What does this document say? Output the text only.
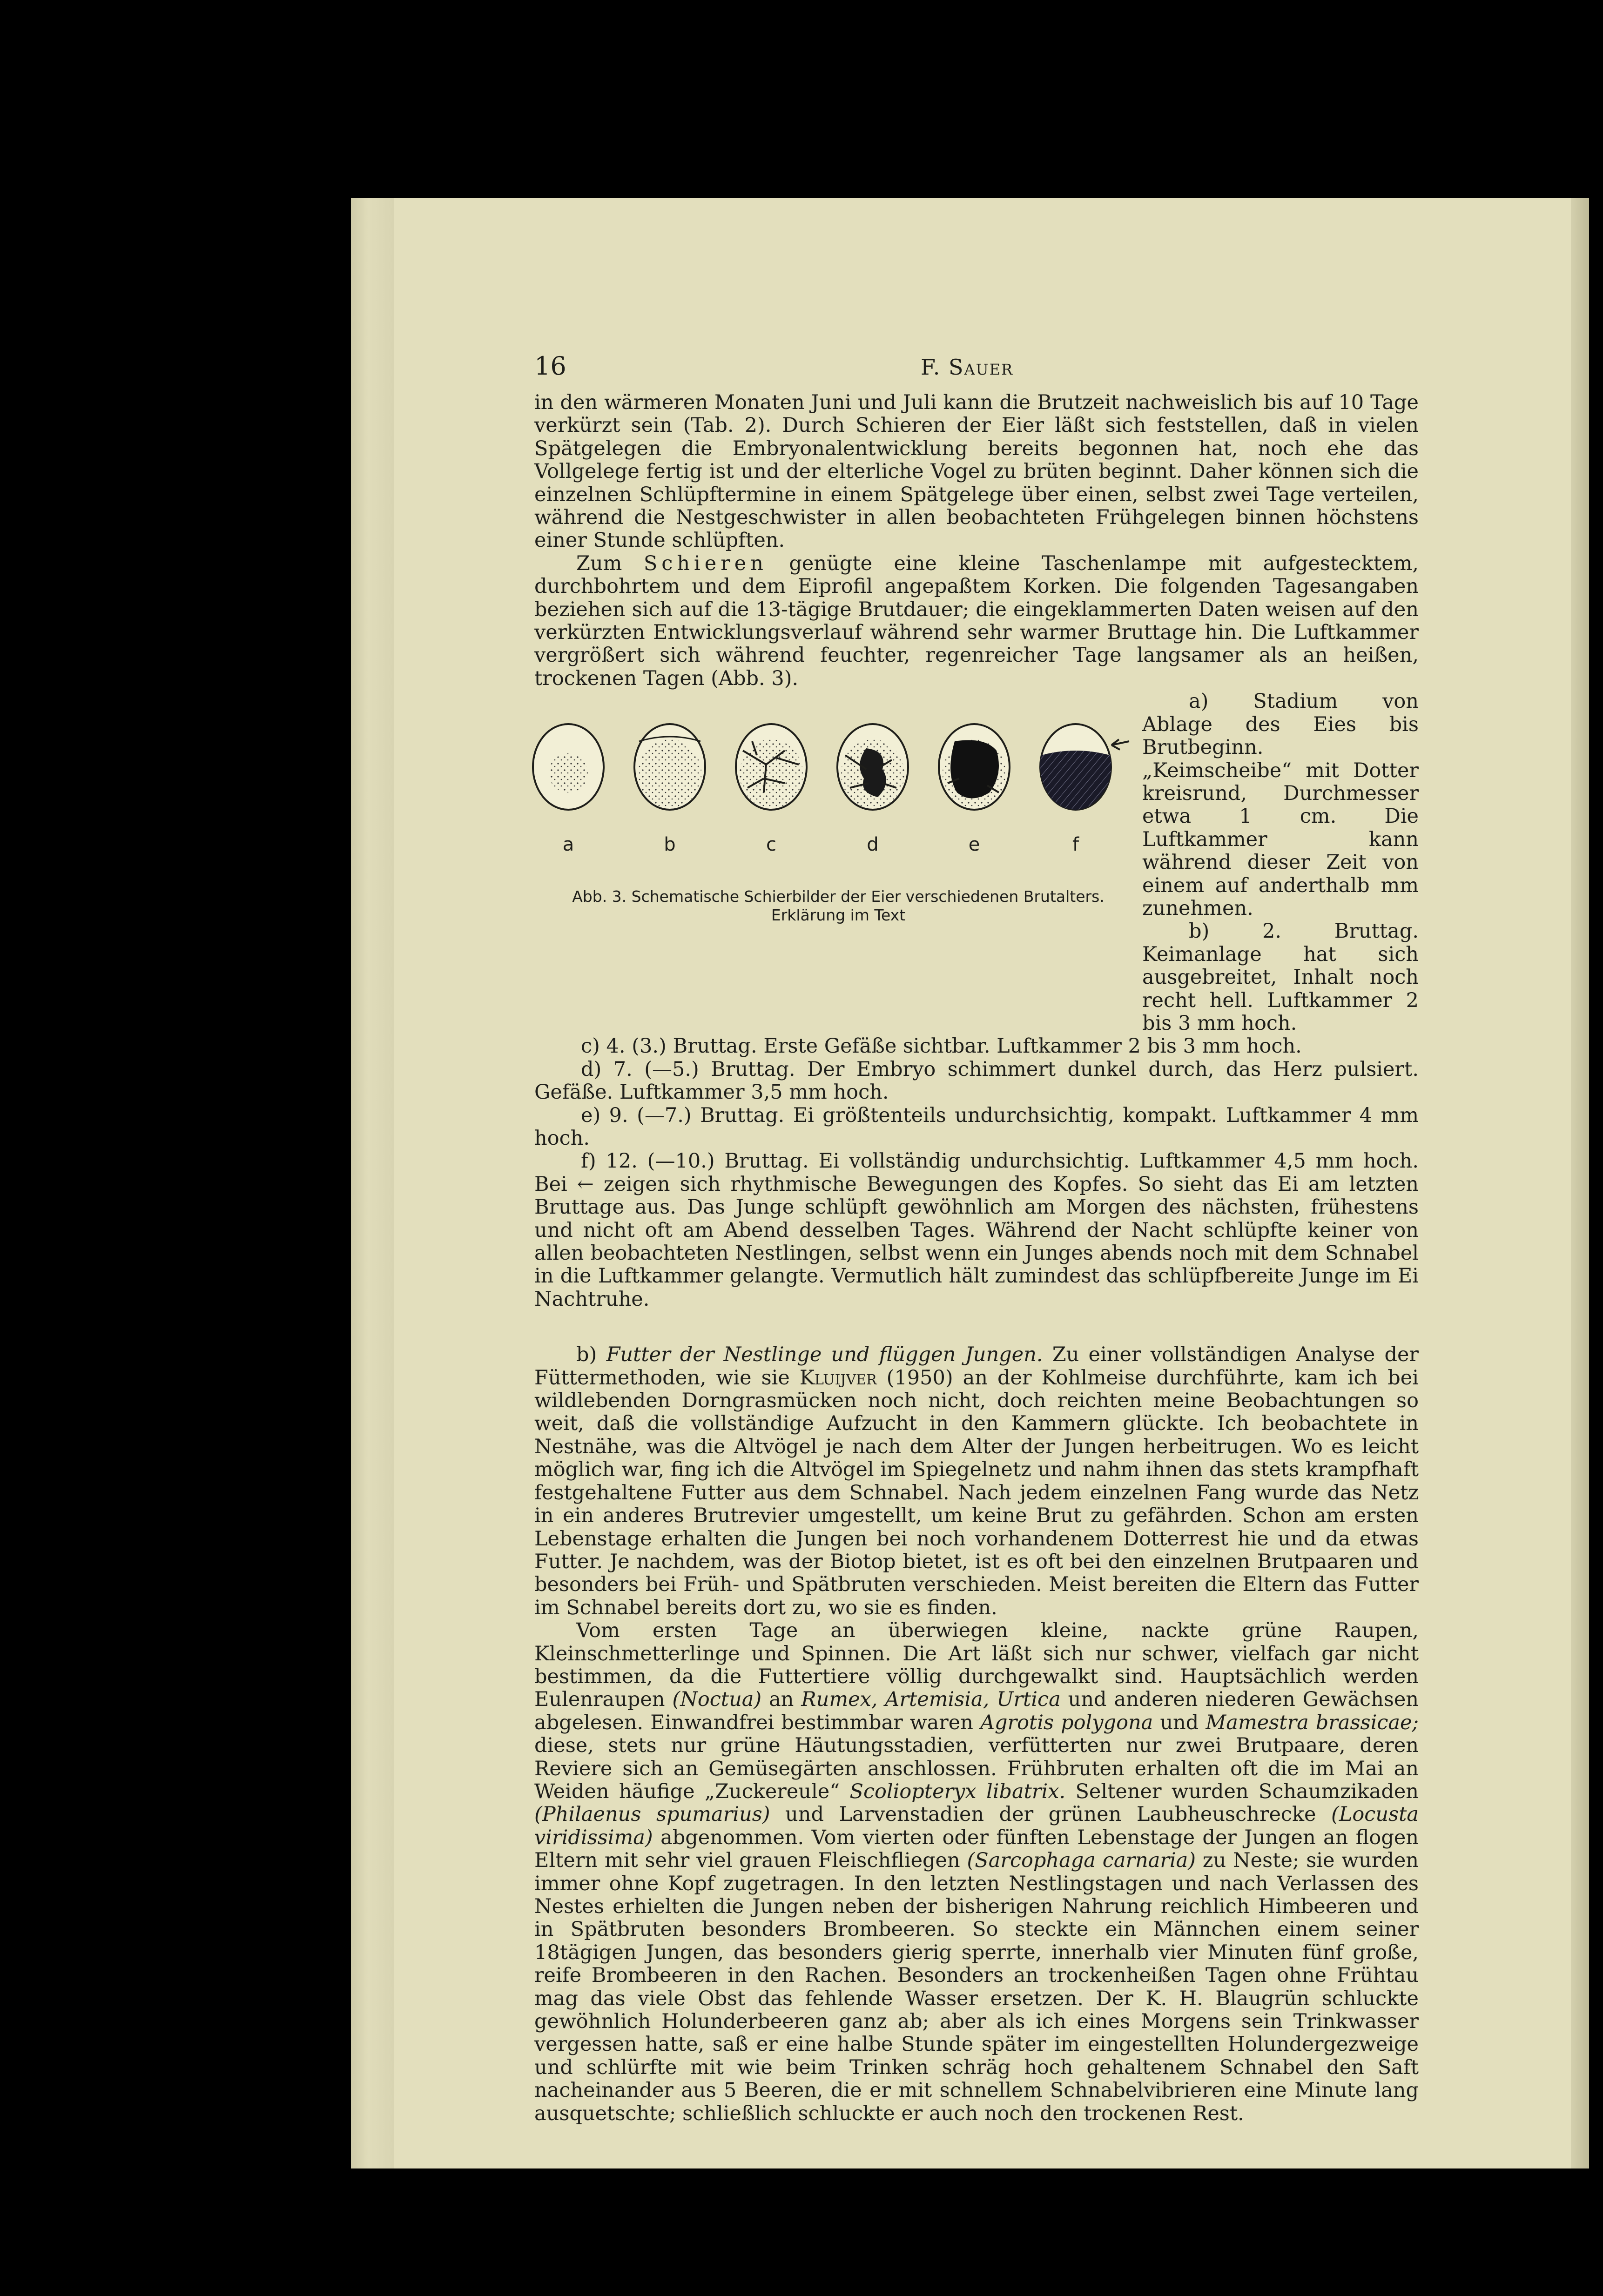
16	F. Sauer

in den wärmeren Monaten Juni und Juli kann die Brutzeit nachweislich bis auf 10 Tage verkürzt sein (Tab. 2). Durch Schieren der Eier läßt sich feststellen, daß in vielen Spätgelegen die Embryonalentwicklung bereits begonnen hat, noch ehe das Vollgelege fertig ist und der elterliche Vogel zu brüten beginnt. Daher können sich die einzelnen Schlüpftermine in einem Spätgelege über einen, selbst zwei Tage verteilen, während die Nestgeschwister in allen beobachteten Frühgelegen binnen höchstens einer Stunde schlüpften.

Zum Schieren genügte eine kleine Taschenlampe mit aufgestecktem, durchbohrtem und dem Eiprofil angepaßtem Korken. Die folgenden Tagesangaben beziehen sich auf die 13-tägige Brutdauer; die eingeklammerten Daten weisen auf den verkürzten Entwicklungsverlauf während sehr warmer Bruttage hin. Die Luftkammer vergrößert sich während feuchter, regenreicher Tage langsamer als an heißen, trockenen Tagen (Abb. 3).

a	b	c	d	e	f
Abb. 3. Schematische Schierbilder der Eier verschiedenen Brutalters.
Erklärung im Text

a) Stadium von Ablage des Eies bis Brutbeginn. „Keimscheibe“ mit Dotter kreisrund, Durchmesser etwa 1 cm. Die Luftkammer kann während dieser Zeit von einem auf anderthalb mm zunehmen.

b) 2. Bruttag. Keimanlage hat sich ausgebreitet, Inhalt noch recht hell. Luftkammer 2 bis 3 mm hoch.

c) 4. (3.) Bruttag. Erste Gefäße sichtbar. Luftkammer 2 bis 3 mm hoch.

d) 7. (—5.) Bruttag. Der Embryo schimmert dunkel durch, das Herz pulsiert. Gefäße. Luftkammer 3,5 mm hoch.

e) 9. (—7.) Bruttag. Ei größtenteils undurchsichtig, kompakt. Luftkammer 4 mm hoch.

f) 12. (—10.) Bruttag. Ei vollständig undurchsichtig. Luftkammer 4,5 mm hoch. Bei ← zeigen sich rhythmische Bewegungen des Kopfes. So sieht das Ei am letzten Bruttage aus. Das Junge schlüpft gewöhnlich am Morgen des nächsten, frühestens und nicht oft am Abend desselben Tages. Während der Nacht schlüpfte keiner von allen beobachteten Nestlingen, selbst wenn ein Junges abends noch mit dem Schnabel in die Luftkammer gelangte. Vermutlich hält zumindest das schlüpfbereite Junge im Ei Nachtruhe.

b) Futter der Nestlinge und flüggen Jungen. Zu einer vollständigen Analyse der Füttermethoden, wie sie Kluijver (1950) an der Kohlmeise durchführte, kam ich bei wildlebenden Dorngrasmücken noch nicht, doch reichten meine Beobachtungen so weit, daß die vollständige Aufzucht in den Kammern glückte. Ich beobachtete in Nestnähe, was die Altvögel je nach dem Alter der Jungen herbeitrugen. Wo es leicht möglich war, fing ich die Altvögel im Spiegelnetz und nahm ihnen das stets krampfhaft festgehaltene Futter aus dem Schnabel. Nach jedem einzelnen Fang wurde das Netz in ein anderes Brutrevier umgestellt, um keine Brut zu gefährden. Schon am ersten Lebenstage erhalten die Jungen bei noch vorhandenem Dotterrest hie und da etwas Futter. Je nachdem, was der Biotop bietet, ist es oft bei den einzelnen Brutpaaren und besonders bei Früh- und Spätbruten verschieden. Meist bereiten die Eltern das Futter im Schnabel bereits dort zu, wo sie es finden.

Vom ersten Tage an überwiegen kleine, nackte grüne Raupen, Kleinschmetterlinge und Spinnen. Die Art läßt sich nur schwer, vielfach gar nicht bestimmen, da die Futtertiere völlig durchgewalkt sind. Hauptsächlich werden Eulenraupen (Noctua) an Rumex, Artemisia, Urtica und anderen niederen Gewächsen abgelesen. Einwandfrei bestimmbar waren Agrotis polygona und Mamestra brassicae; diese, stets nur grüne Häutungsstadien, verfütterten nur zwei Brutpaare, deren Reviere sich an Gemüsegärten anschlossen. Frühbruten erhalten oft die im Mai an Weiden häufige „Zuckereule“ Scoliopteryx libatrix. Seltener wurden Schaumzikaden (Philaenus spumarius) und Larvenstadien der grünen Laubheuschrecke (Locusta viridissima) abgenommen. Vom vierten oder fünften Lebenstage der Jungen an flogen Eltern mit sehr viel grauen Fleischfliegen (Sarcophaga carnaria) zu Neste; sie wurden immer ohne Kopf zugetragen. In den letzten Nestlingstagen und nach Verlassen des Nestes erhielten die Jungen neben der bisherigen Nahrung reichlich Himbeeren und in Spätbruten besonders Brombeeren. So steckte ein Männchen einem seiner 18tägigen Jungen, das besonders gierig sperrte, innerhalb vier Minuten fünf große, reife Brombeeren in den Rachen. Besonders an trockenheißen Tagen ohne Frühtau mag das viele Obst das fehlende Wasser ersetzen. Der K. H. Blaugrün schluckte gewöhnlich Holunderbeeren ganz ab; aber als ich eines Morgens sein Trinkwasser vergessen hatte, saß er eine halbe Stunde später im eingestellten Holundergezweige und schlürfte mit wie beim Trinken schräg hoch gehaltenem Schnabel den Saft nacheinander aus 5 Beeren, die er mit schnellem Schnabelvibrieren eine Minute lang ausquetschte; schließlich schluckte er auch noch den trockenen Rest.
